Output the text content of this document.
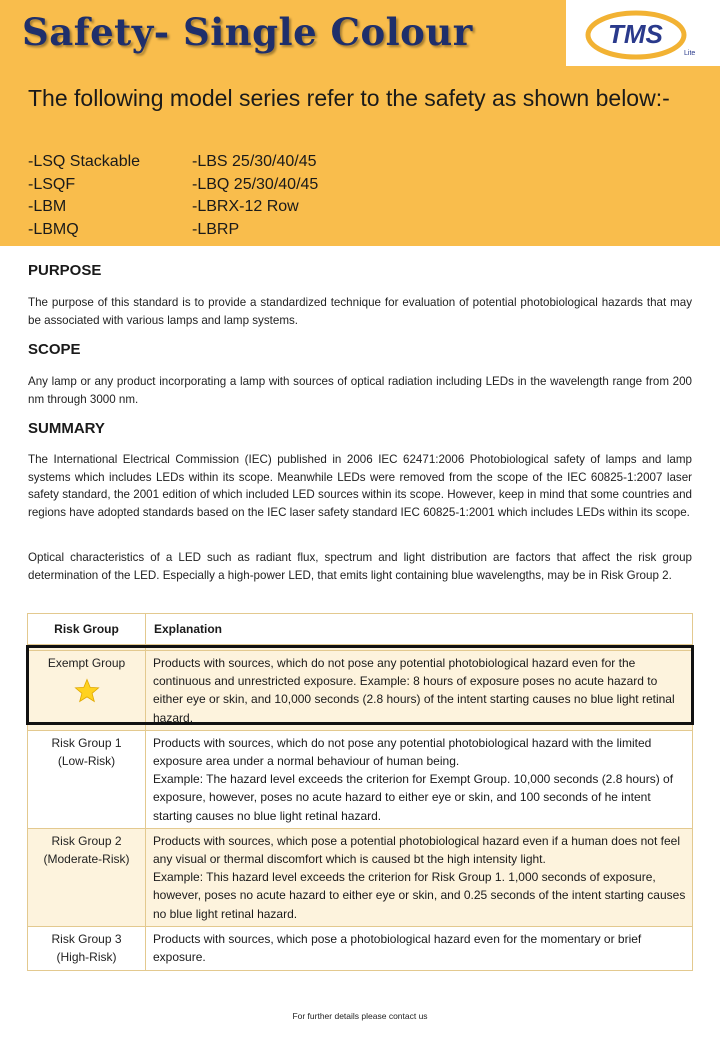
Safety- Single Colour	TMS
Lite
The following model series refer to the safety as shown below:-
-LSQ Stackable	-LBS 25/30/40/45
-LSQF	-LBQ 25/30/40/45
-LBM	-LBRX-12 Row
-LBMQ	-LBRP
PURPOSE
The purpose of this standard is to provide a standardized technique for evaluation of potential photobiological hazards that may be associated with various lamps and lamp systems.
SCOPE
Any lamp or any product incorporating a lamp with sources of optical radiation including LEDs in the wavelength range from 200 nm through 3000 nm.
SUMMARY
The International Electrical Commission (IEC) published in 2006 IEC 62471:2006 Photobiological safety of lamps and lamp systems which includes LEDs within its scope. Meanwhile LEDs were removed from the scope of the IEC 60825-1:2007 laser safety standard, the 2001 edition of which included LED sources within its scope. However, keep in mind that some countries and regions have adopted standards based on the IEC laser safety standard IEC 60825-1:2001 which includes LEDs within its scope.
Optical characteristics of a LED such as radiant flux, spectrum and light distribution are factors that affect the risk group determination of the LED. Especially a high-power LED, that emits light containing blue wavelengths, may be in Risk Group 2.
Risk Group	Explanation

Exempt Group	Products with sources, which do not pose any potential photobiological hazard even for the continuous and unrestricted exposure. Example: 8 hours of exposure poses no acute hazard to either eye or skin, and 10,000 seconds (2.8 hours) of the intent starting causes no blue light retinal hazard.
Risk Group 1 (Low-Risk)	Products with sources, which do not pose any potential photobiological hazard with the limited exposure area under a normal behaviour of human being.
Example: The hazard level exceeds the criterion for Exempt Group. 10,000 seconds (2.8 hours) of exposure, however, poses no acute hazard to either eye or skin, and 100 seconds of he intent starting causes no blue light retinal hazard.

Risk Group 2 (Moderate-Risk)	Products with sources, which pose a potential photobiological hazard even if a human does not feel any visual or thermal discomfort which is caused bt the high intensity light.
Example: This hazard level exceeds the criterion for Risk Group 1. 1,000 seconds of exposure, however, poses no acute hazard to either eye or skin, and 0.25 seconds of the intent starting causes no blue light retinal hazard.

Risk Group 3 (High-Risk)	Products with sources, which pose a photobiological hazard even for the momentary or brief exposure.
For further details please contact us
